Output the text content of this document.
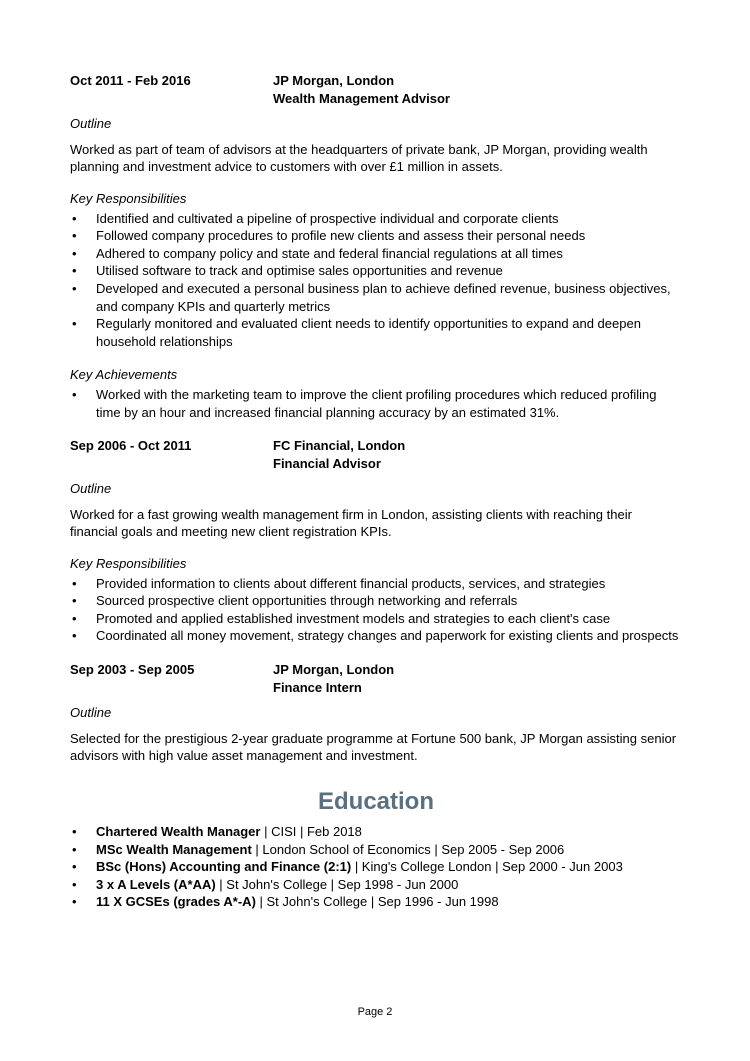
Oct 2011 - Feb 2016	JP Morgan, London
Wealth Management Advisor
Outline
Worked as part of team of advisors at the headquarters of private bank, JP Morgan, providing wealth planning and investment advice to customers with over £1 million in assets.
Key Responsibilities
• Identified and cultivated a pipeline of prospective individual and corporate clients
• Followed company procedures to profile new clients and assess their personal needs
• Adhered to company policy and state and federal financial regulations at all times
• Utilised software to track and optimise sales opportunities and revenue
• Developed and executed a personal business plan to achieve defined revenue, business objectives, and company KPIs and quarterly metrics
• Regularly monitored and evaluated client needs to identify opportunities to expand and deepen household relationships
Key Achievements
• Worked with the marketing team to improve the client profiling procedures which reduced profiling time by an hour and increased financial planning accuracy by an estimated 31%.
Sep 2006 - Oct 2011	FC Financial, London
Financial Advisor
Outline
Worked for a fast growing wealth management firm in London, assisting clients with reaching their financial goals and meeting new client registration KPIs.
Key Responsibilities
• Provided information to clients about different financial products, services, and strategies
• Sourced prospective client opportunities through networking and referrals
• Promoted and applied established investment models and strategies to each client's case
• Coordinated all money movement, strategy changes and paperwork for existing clients and prospects
Sep 2003 - Sep 2005	JP Morgan, London
Finance Intern
Outline
Selected for the prestigious 2-year graduate programme at Fortune 500 bank, JP Morgan assisting senior advisors with high value asset management and investment.
Education
• Chartered Wealth Manager | CISI | Feb 2018
• MSc Wealth Management | London School of Economics | Sep 2005 - Sep 2006
• BSc (Hons) Accounting and Finance (2:1) | King's College London | Sep 2000 - Jun 2003
• 3 x A Levels (A*AA) | St John's College | Sep 1998 - Jun 2000
• 11 X GCSEs (grades A*-A) | St John's College | Sep 1996 - Jun 1998
Page 2
